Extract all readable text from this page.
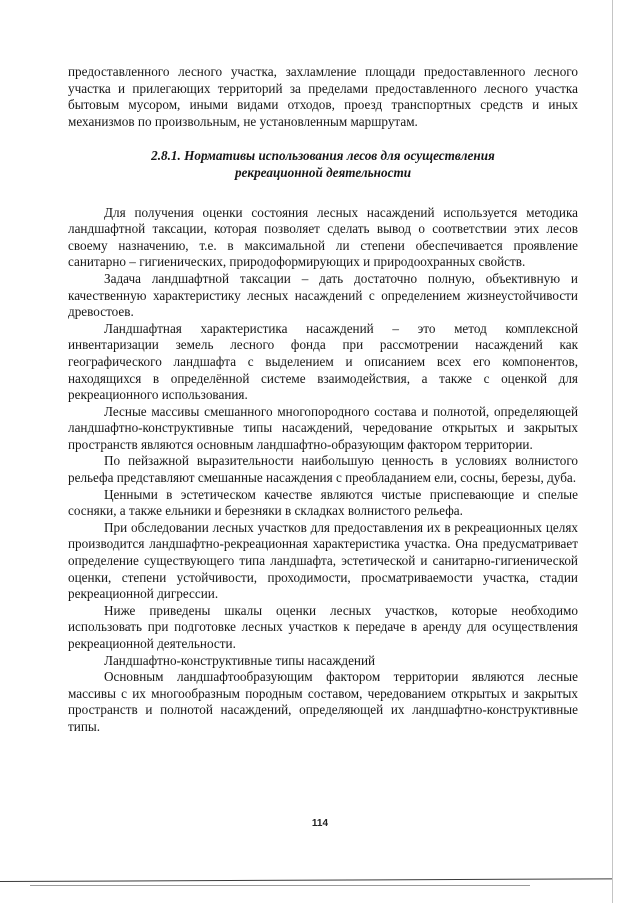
предоставленного лесного участка, захламление площади предоставленного лесного участка и прилегающих территорий за пределами предоставленного лесного участка бытовым мусором, иными видами отходов, проезд транспортных средств и иных механизмов по произвольным, не установленным маршрутам.

2.8.1. Нормативы использования лесов для осуществления
рекреационной деятельности

Для получения оценки состояния лесных насаждений используется методика ландшафтной таксации, которая позволяет сделать вывод о соответствии этих лесов своему назначению, т.е. в максимальной ли степени обеспечивается проявление санитарно – гигиенических, природоформирующих и природоохранных свойств.

Задача ландшафтной таксации – дать достаточно полную, объективную и качественную характеристику лесных насаждений с определением жизнеустойчивости древостоев.

Ландшафтная характеристика насаждений – это метод комплексной инвентаризации земель лесного фонда при рассмотрении насаждений как географического ландшафта с выделением и описанием всех его компонентов, находящихся в определённой системе взаимодействия, а также с оценкой для рекреационного использования.

Лесные массивы смешанного многопородного состава и полнотой, определяющей ландшафтно-конструктивные типы насаждений, чередование открытых и закрытых пространств являются основным ландшафтно-образующим фактором территории.

По пейзажной выразительности наибольшую ценность в условиях волнистого рельефа представляют смешанные насаждения с преобладанием ели, сосны, березы, дуба.

Ценными в эстетическом качестве являются чистые приспевающие и спелые сосняки, а также ельники и березняки в складках волнистого рельефа.

При обследовании лесных участков для предоставления их в рекреационных целях производится ландшафтно-рекреационная характеристика участка. Она предусматривает определение существующего типа ландшафта, эстетической и санитарно-гигиенической оценки, степени устойчивости, проходимости, просматриваемости участка, стадии рекреационной дигрессии.

Ниже приведены шкалы оценки лесных участков, которые необходимо использовать при подготовке лесных участков к передаче в аренду для осуществления рекреационной деятельности.

Ландшафтно-конструктивные типы насаждений

Основным ландшафтообразующим фактором территории являются лесные массивы с их многообразным породным составом, чередованием открытых и закрытых пространств и полнотой насаждений, определяющей их ландшафтно-конструктивные типы.

114
